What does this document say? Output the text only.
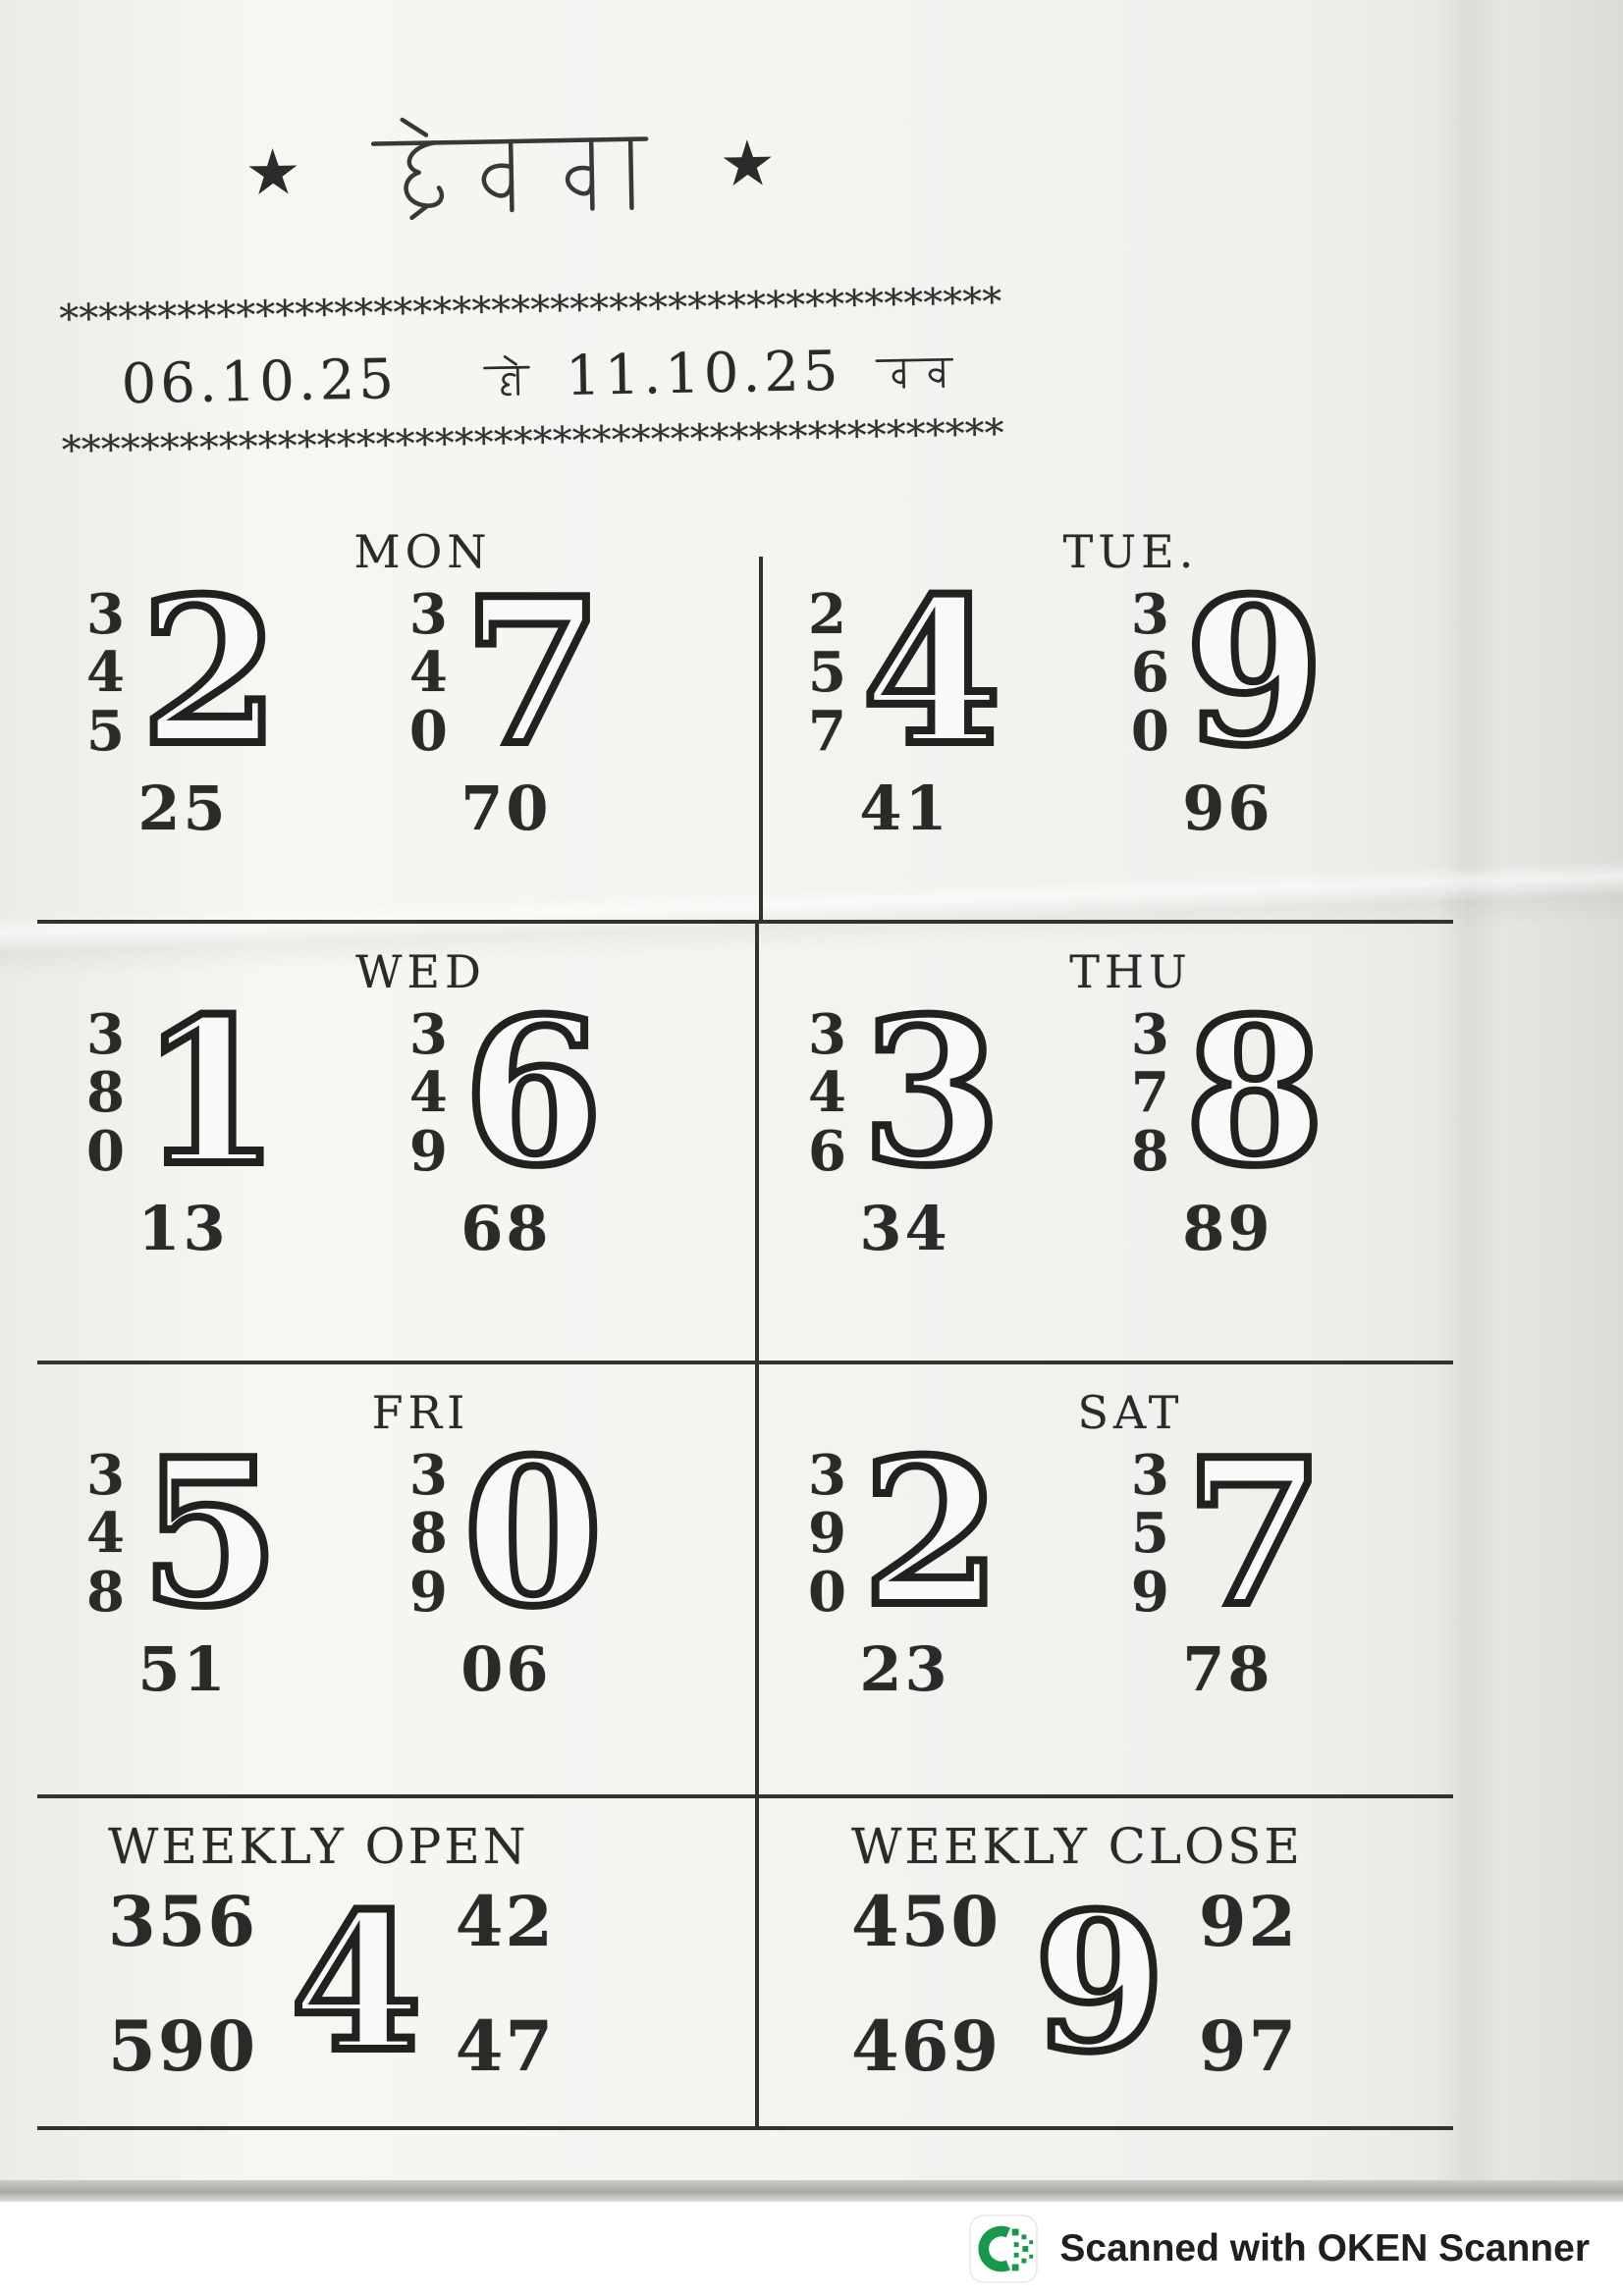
★	★
************************************************
06.10.25	11.10.25
************************************************
MON
3
4
5 2
25
3
4
0 7
70
TUE.
2
5
7 4
41
3
6
0 9
96
WED
3
8
0 1
13
3
4
9 6
68
THU
3
4
6 3
34
3
7
8 8
89
FRI
3
4
8 5
51
3
8
9 0
06
SAT
3
9
0 2
23
3
5
9 7
78
WEEKLY OPEN
356
590 4 42
47
WEEKLY CLOSE
450
469 9 92
97
Scanned with OKEN Scanner
